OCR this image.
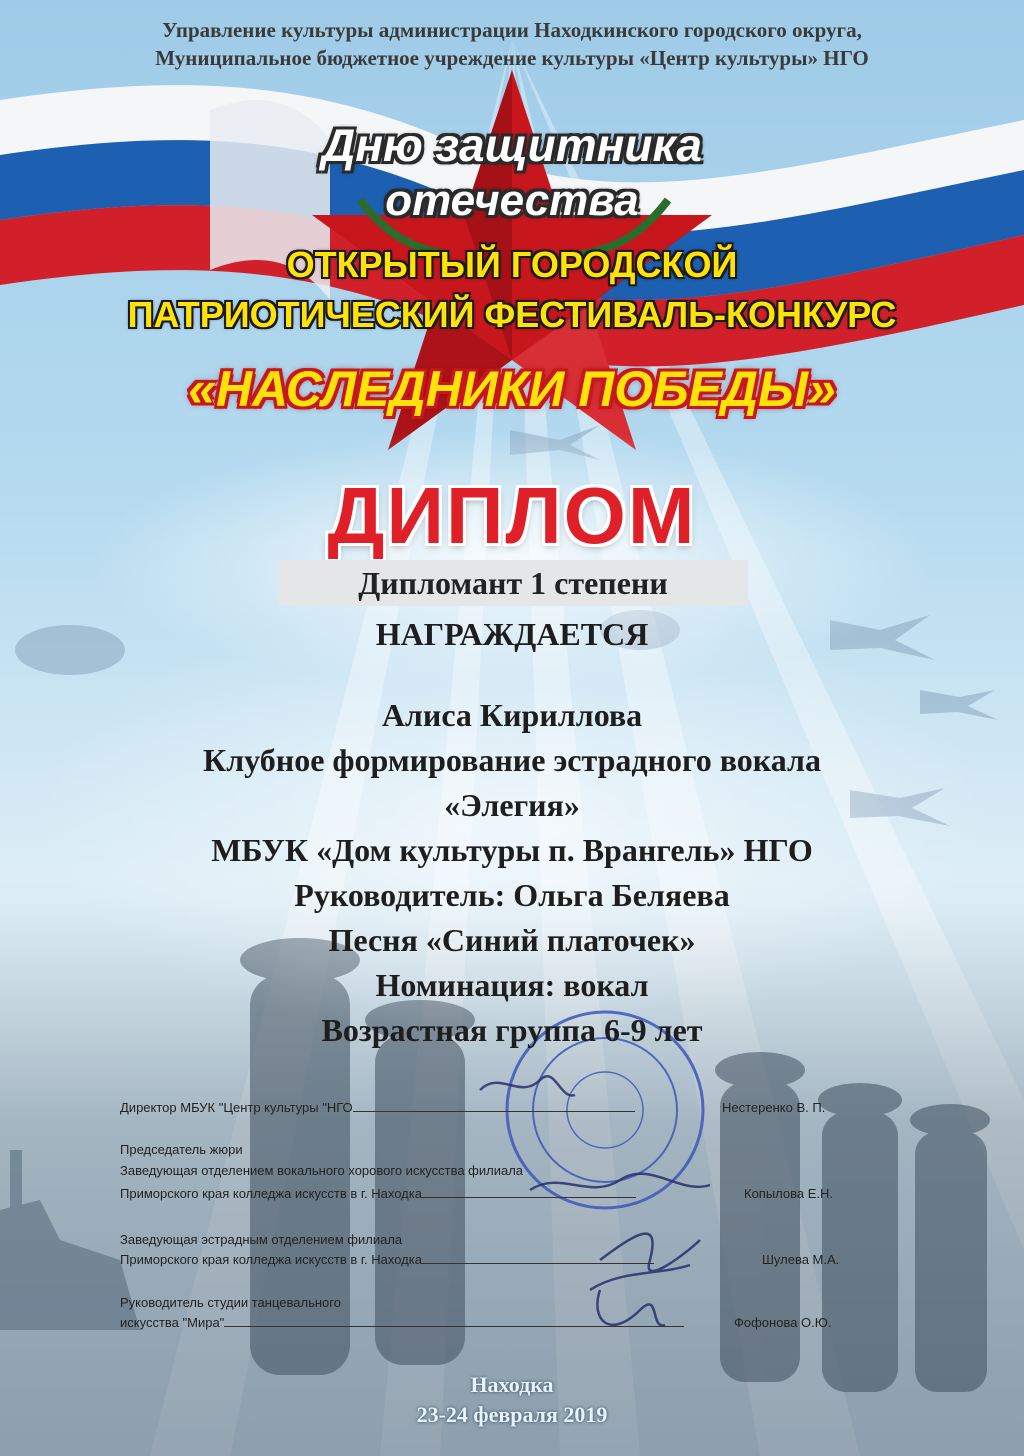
Управление культуры администрации Находкинского городского округа,
Муниципальное бюджетное учреждение культуры «Центр культуры» НГО
Дню защитника
отечества
ОТКРЫТЫЙ ГОРОДСКОЙ
ПАТРИОТИЧЕСКИЙ ФЕСТИВАЛЬ-КОНКУРС
«НАСЛЕДНИКИ ПОБЕДЫ»
ДИПЛОМ
Дипломант 1 степени
НАГРАЖДАЕТСЯ
Алиса Кириллова
Клубное формирование эстрадного вокала
«Элегия»
МБУК «Дом культуры п. Врангель» НГО
Руководитель: Ольга Беляева
Песня «Синий платочек»
Номинация: вокал
Возрастная группа 6-9 лет
Директор МБУК "Центр культуры "НГО	Нестеренко В. П.
Председатель жюри
Заведующая отделением вокального хорового искусства филиала
Приморского края колледжа искусств в г. Находка	Копылова Е.Н.
Заведующая эстрадным отделением филиала
Приморского края колледжа искусств в г. Находка	Шулева М.А.
Руководитель студии танцевального
искусства "Мира"	Фофонова О.Ю.
Находка
23-24 февраля 2019
